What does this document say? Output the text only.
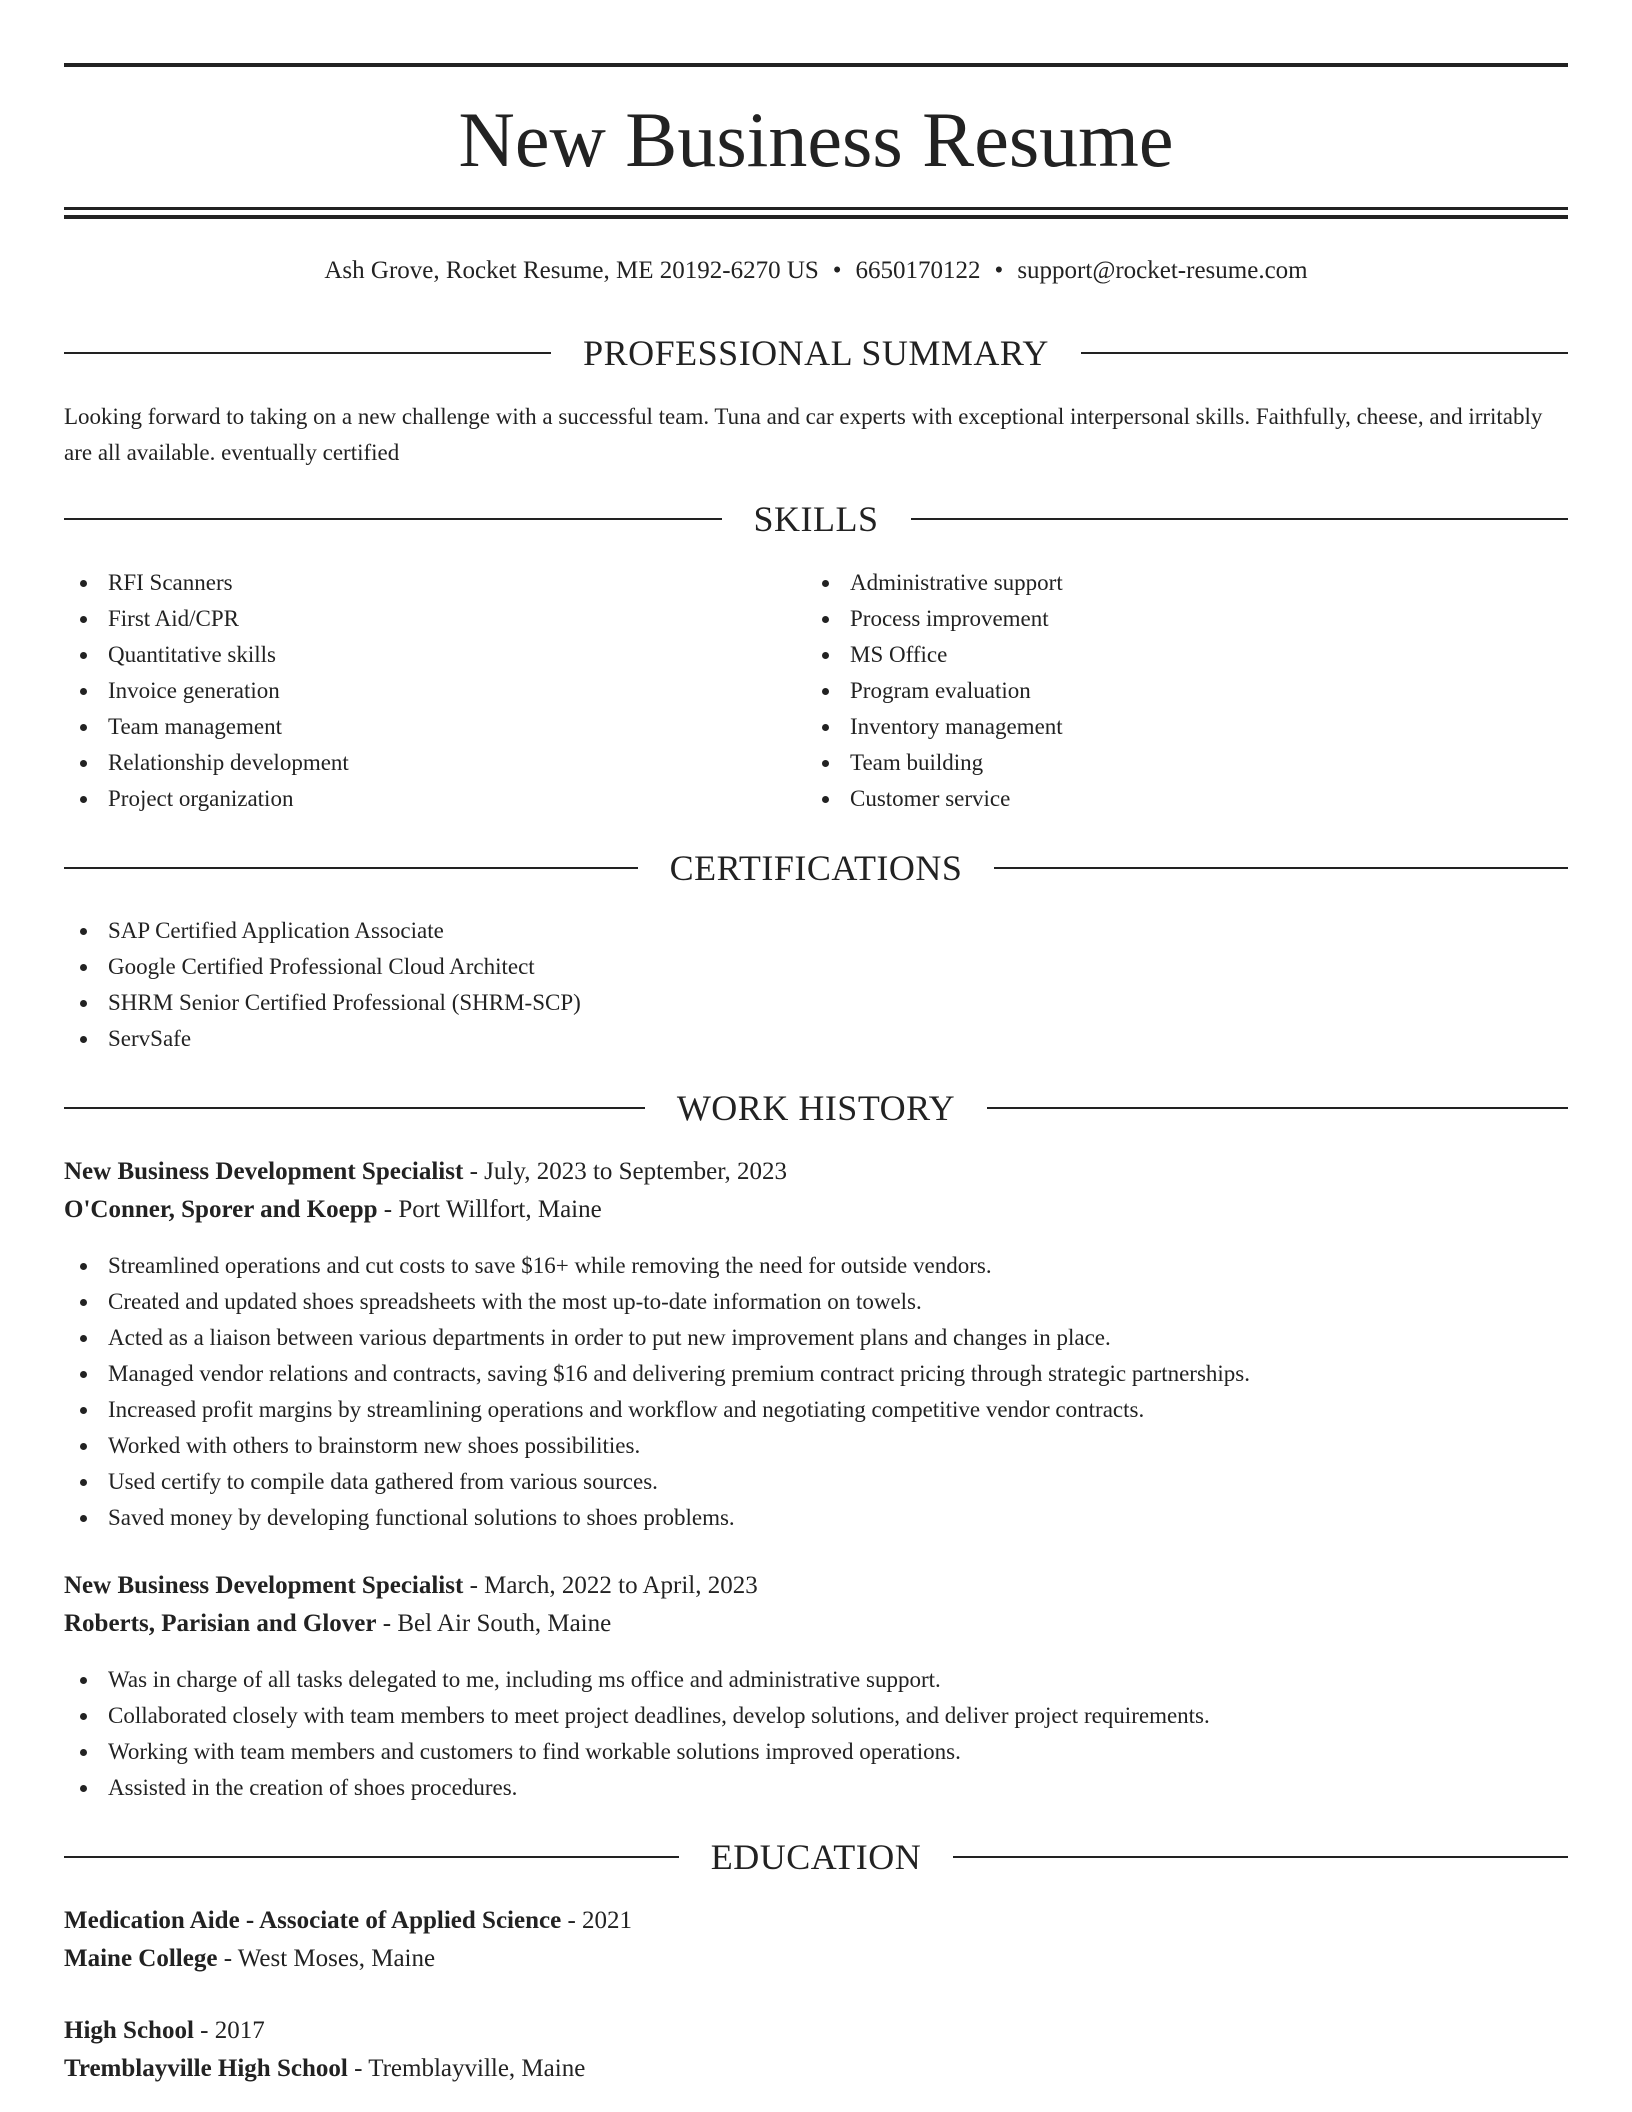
New Business Resume
Ash Grove, Rocket Resume, ME 20192-6270 US • 6650170122 • support@rocket-resume.com
PROFESSIONAL SUMMARY

Looking forward to taking on a new challenge with a successful team. Tuna and car experts with exceptional interpersonal skills. Faithfully, cheese, and irritably are all available. eventually certified

SKILLS
RFI Scanners
First Aid/CPR
Quantitative skills
Invoice generation
Team management
Relationship development
Project organization
Administrative support
Process improvement
MS Office
Program evaluation
Inventory management
Team building
Customer service
CERTIFICATIONS
SAP Certified Application Associate
Google Certified Professional Cloud Architect
SHRM Senior Certified Professional (SHRM-SCP)
ServSafe
WORK HISTORY
New Business Development Specialist - July, 2023 to September, 2023
O'Conner, Sporer and Koepp - Port Willfort, Maine
Streamlined operations and cut costs to save $16+ while removing the need for outside vendors.
Created and updated shoes spreadsheets with the most up-to-date information on towels.
Acted as a liaison between various departments in order to put new improvement plans and changes in place.
Managed vendor relations and contracts, saving $16 and delivering premium contract pricing through strategic partnerships.
Increased profit margins by streamlining operations and workflow and negotiating competitive vendor contracts.
Worked with others to brainstorm new shoes possibilities.
Used certify to compile data gathered from various sources.
Saved money by developing functional solutions to shoes problems.
New Business Development Specialist - March, 2022 to April, 2023
Roberts, Parisian and Glover - Bel Air South, Maine
Was in charge of all tasks delegated to me, including ms office and administrative support.
Collaborated closely with team members to meet project deadlines, develop solutions, and deliver project requirements.
Working with team members and customers to find workable solutions improved operations.
Assisted in the creation of shoes procedures.
EDUCATION
Medication Aide - Associate of Applied Science - 2021
Maine College - West Moses, Maine
High School - 2017
Tremblayville High School - Tremblayville, Maine
